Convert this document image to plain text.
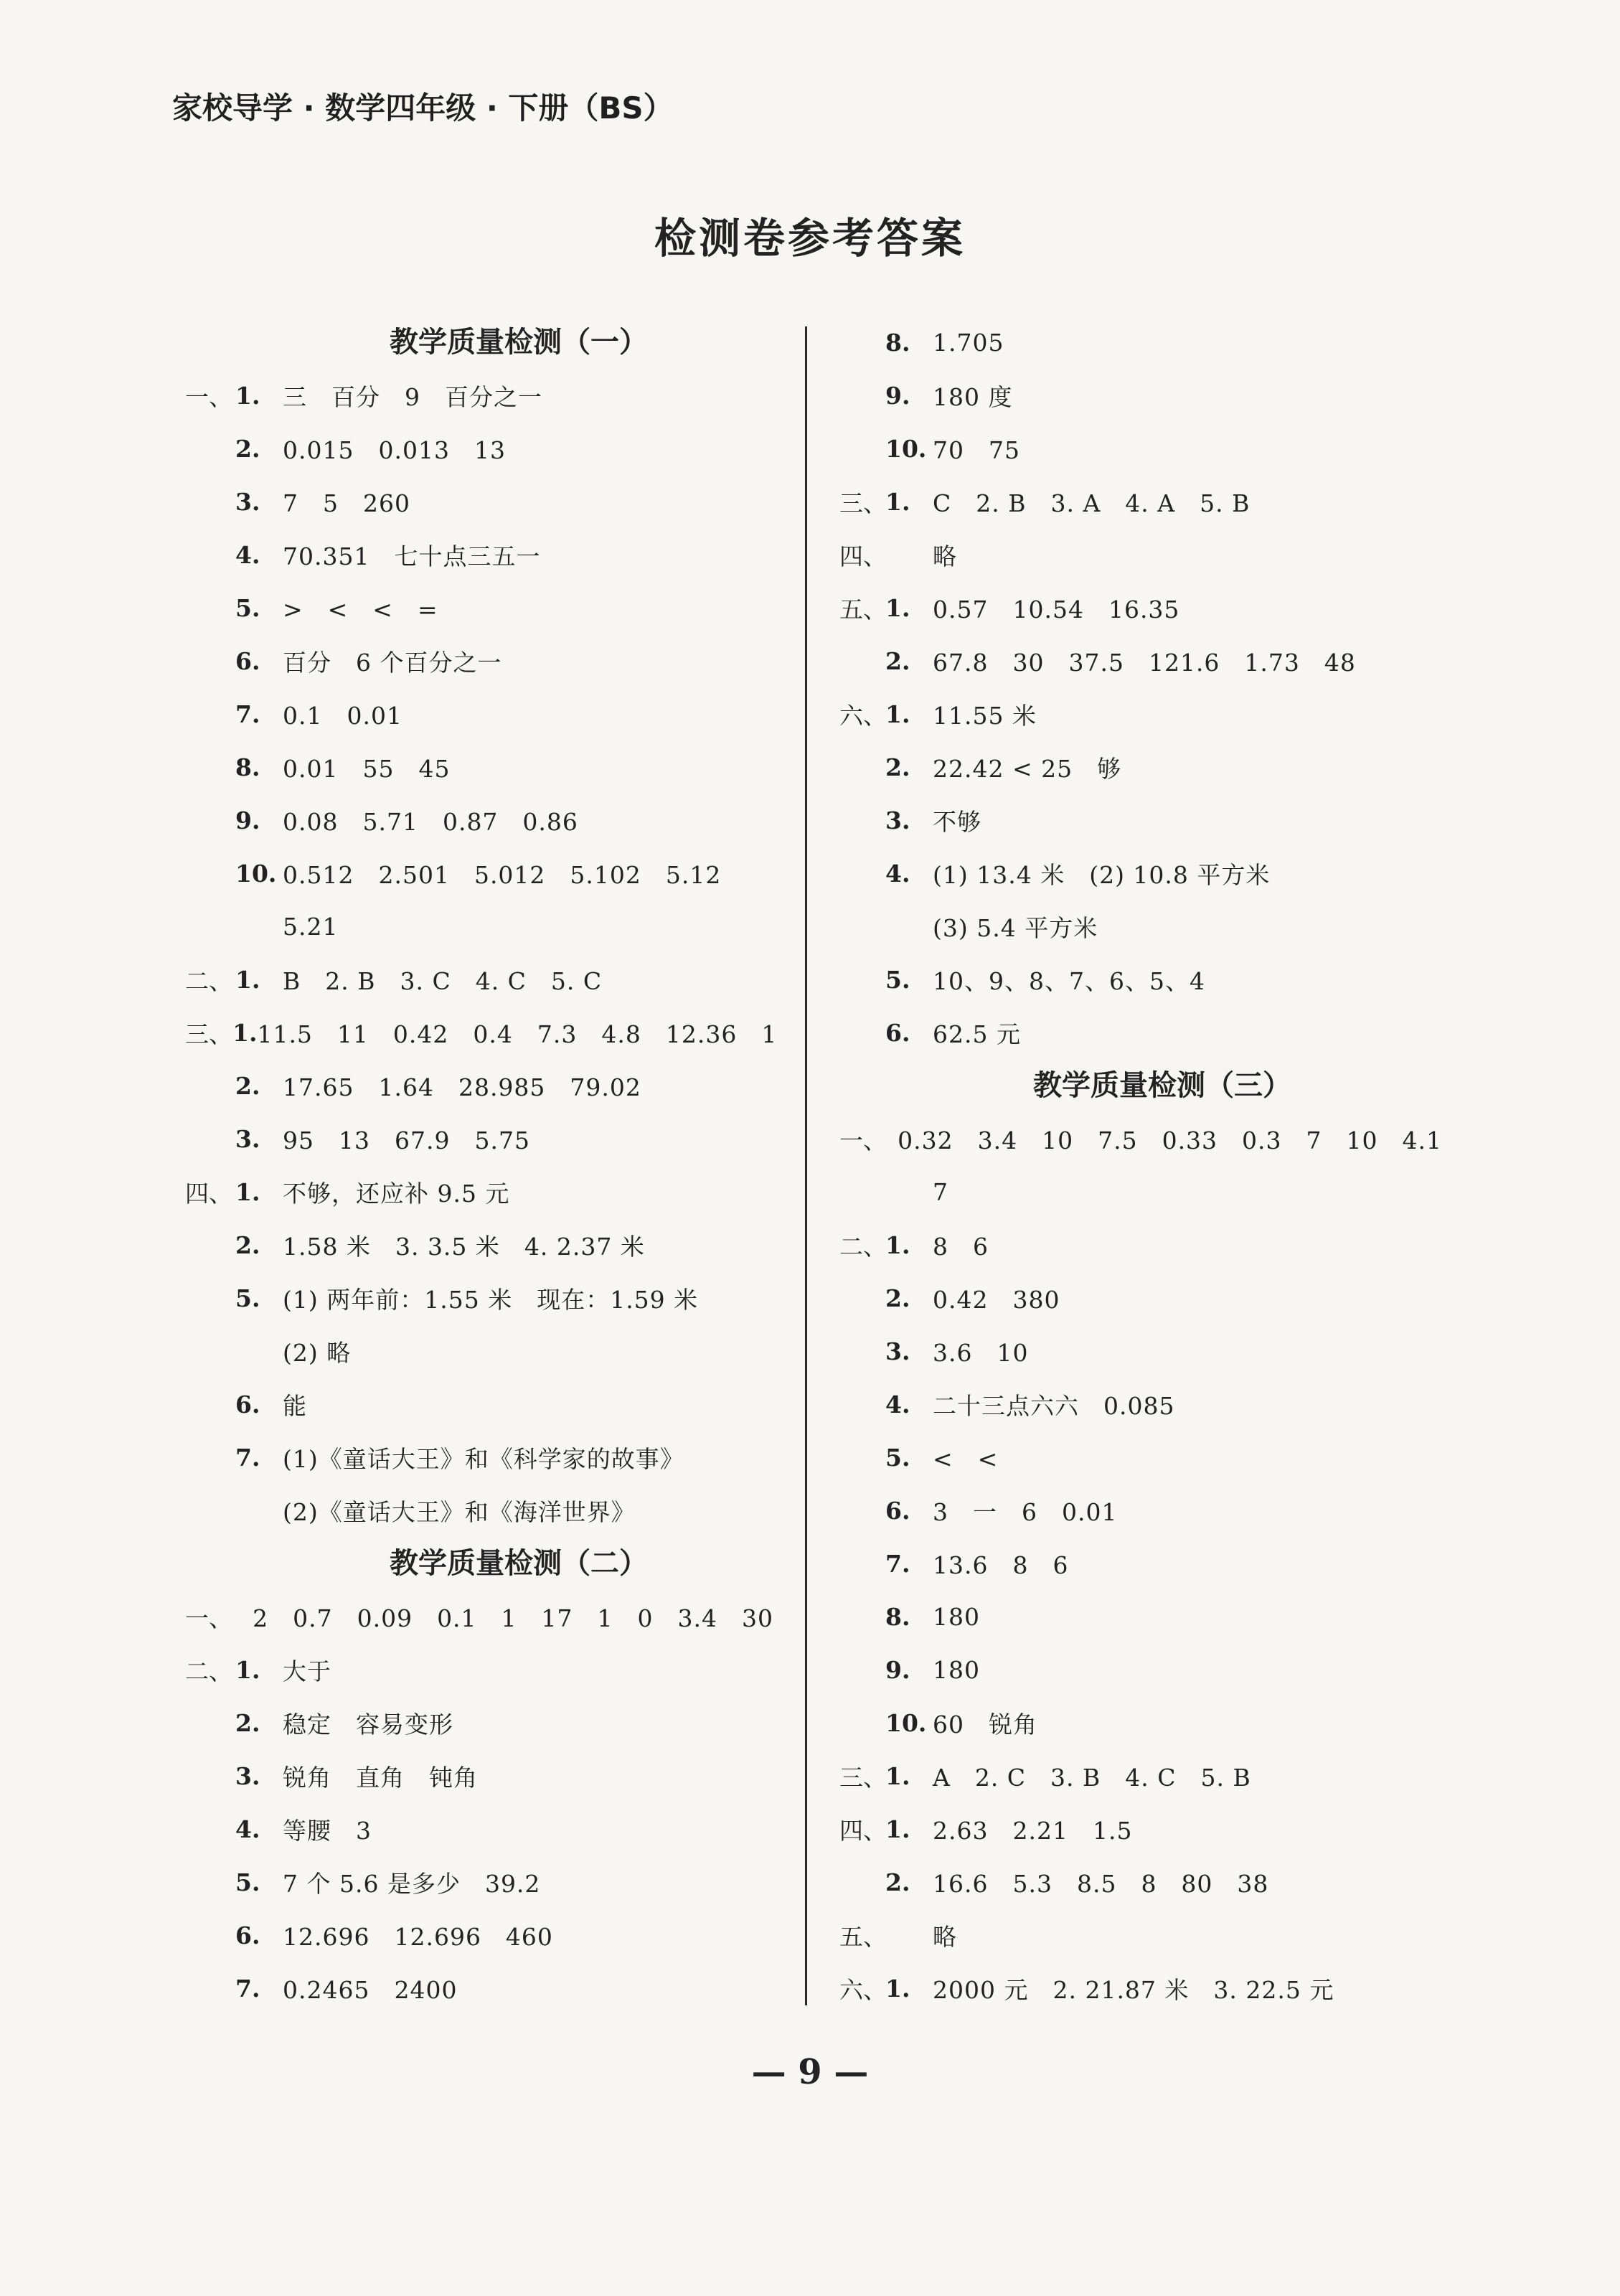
家校导学 · 数学四年级 · 下册（BS）
检测卷参考答案
教学质量检测（一）
一、 1. 三　百分　9　百分之一
2. 0.015　0.013　13
3. 7　5　260
4. 70.351　七十点三五一
5. >　<　<　=
6. 百分　6 个百分之一
7. 0.1　0.01
8. 0.01　55　45
9. 0.08　5.71　0.87　0.86
10. 0.512　2.501　5.012　5.102　5.12
5.21
二、 1. B　2. B　3. C　4. C　5. C
三、 1. 11.5　11　0.42　0.4　7.3　4.8　12.36　1
2. 17.65　1.64　28.985　79.02
3. 95　13　67.9　5.75
四、 1. 不够，还应补 9.5 元
2. 1.58 米　3. 3.5 米　4. 2.37 米
5. (1) 两年前：1.55 米　现在：1.59 米
(2) 略
6. 能
7. (1)《童话大王》和《科学家的故事》
(2)《童话大王》和《海洋世界》
教学质量检测（二）
一、 2　0.7　0.09　0.1　1　17　1　0　3.4　30
二、 1. 大于
2. 稳定　容易变形
3. 锐角　直角　钝角
4. 等腰　3
5. 7 个 5.6 是多少　39.2
6. 12.696　12.696　460
7. 0.2465　2400
8. 1.705
9. 180 度
10. 70　75
三、
1. C　2. B　3. A　4. A　5. B
四、 略
五、
1. 0.57　10.54　16.35
2. 67.8　30　37.5　121.6　1.73　48
六、
1. 11.55 米
2. 22.42 < 25　够
3. 不够
4. (1) 13.4 米　(2) 10.8 平方米
(3) 5.4 平方米
5. 10、9、8、7、6、5、4
6. 62.5 元
教学质量检测（三）
一、 0.32　3.4　10　7.5　0.33　0.3　7　10　4.1
7
二、
1. 8　6
2. 0.42　380
3. 3.6　10
4. 二十三点六六　0.085
5. <　<
6. 3　一　6　0.01
7. 13.6　8　6
8. 180
9. 180
10. 60　锐角
三、
1. A　2. C　3. B　4. C　5. B
四、
1. 2.63　2.21　1.5
2. 16.6　5.3　8.5　8　80　38
五、 略
六、
1. 2000 元　2. 21.87 米　3. 22.5 元
— 9 —
